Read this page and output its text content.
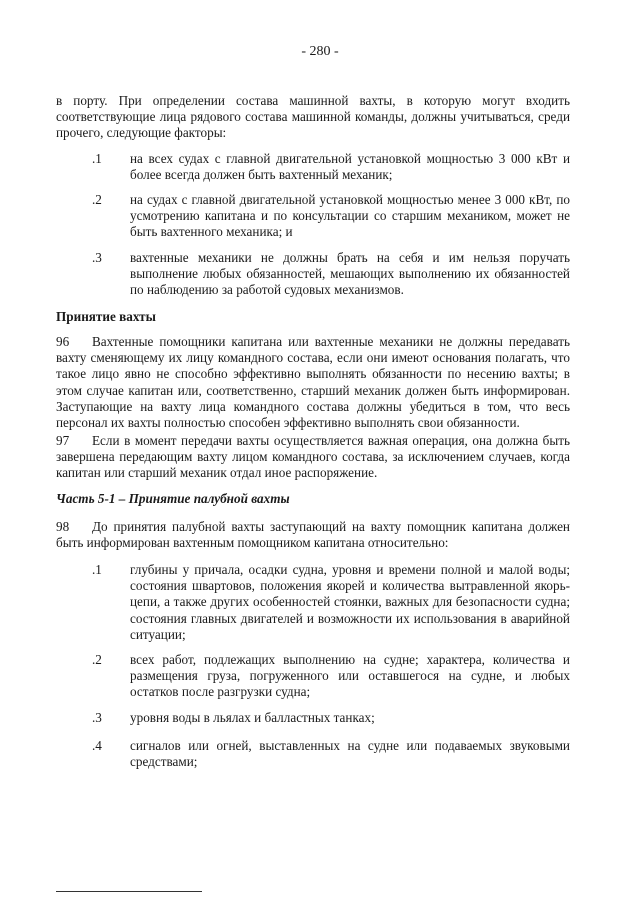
- 280 -
в порту. При определении состава машинной вахты, в которую могут входить соответствующие лица рядового состава машинной команды, должны учитываться, среди прочего, следующие факторы:
.1 на всех судах с главной двигательной установкой мощностью 3 000 кВт и более всегда должен быть вахтенный механик;
.2 на судах с главной двигательной установкой мощностью менее 3 000 кВт, по усмотрению капитана и по консультации со старшим механиком, может не быть вахтенного механика; и
.3 вахтенные механики не должны брать на себя и им нельзя поручать выполнение любых обязанностей, мешающих выполнению их обязанностей по наблюдению за работой судовых механизмов.
Принятие вахты
96 Вахтенные помощники капитана или вахтенные механики не должны передавать вахту сменяющему их лицу командного состава, если они имеют основания полагать, что такое лицо явно не способно эффективно выполнять обязанности по несению вахты; в этом случае капитан или, соответственно, старший механик должен быть информирован. Заступающие на вахту лица командного состава должны убедиться в том, что весь персонал их вахты полностью способен эффективно выполнять свои обязанности.
97 Если в момент передачи вахты осуществляется важная операция, она должна быть завершена передающим вахту лицом командного состава, за исключением случаев, когда капитан или старший механик отдал иное распоряжение.
Часть 5-1 – Принятие палубной вахты
98 До принятия палубной вахты заступающий на вахту помощник капитана должен быть информирован вахтенным помощником капитана относительно:
.1 глубины у причала, осадки судна, уровня и времени полной и малой воды; состояния швартовов, положения якорей и количества вытравленной якорь-цепи, а также других особенностей стоянки, важных для безопасности судна; состояния главных двигателей и возможности их использования в аварийной ситуации;
.2 всех работ, подлежащих выполнению на судне; характера, количества и размещения груза, погруженного или оставшегося на судне, и любых остатков после разгрузки судна;
.3 уровня воды в льялах и балластных танках;
.4 сигналов или огней, выставленных на судне или подаваемых звуковыми средствами;
